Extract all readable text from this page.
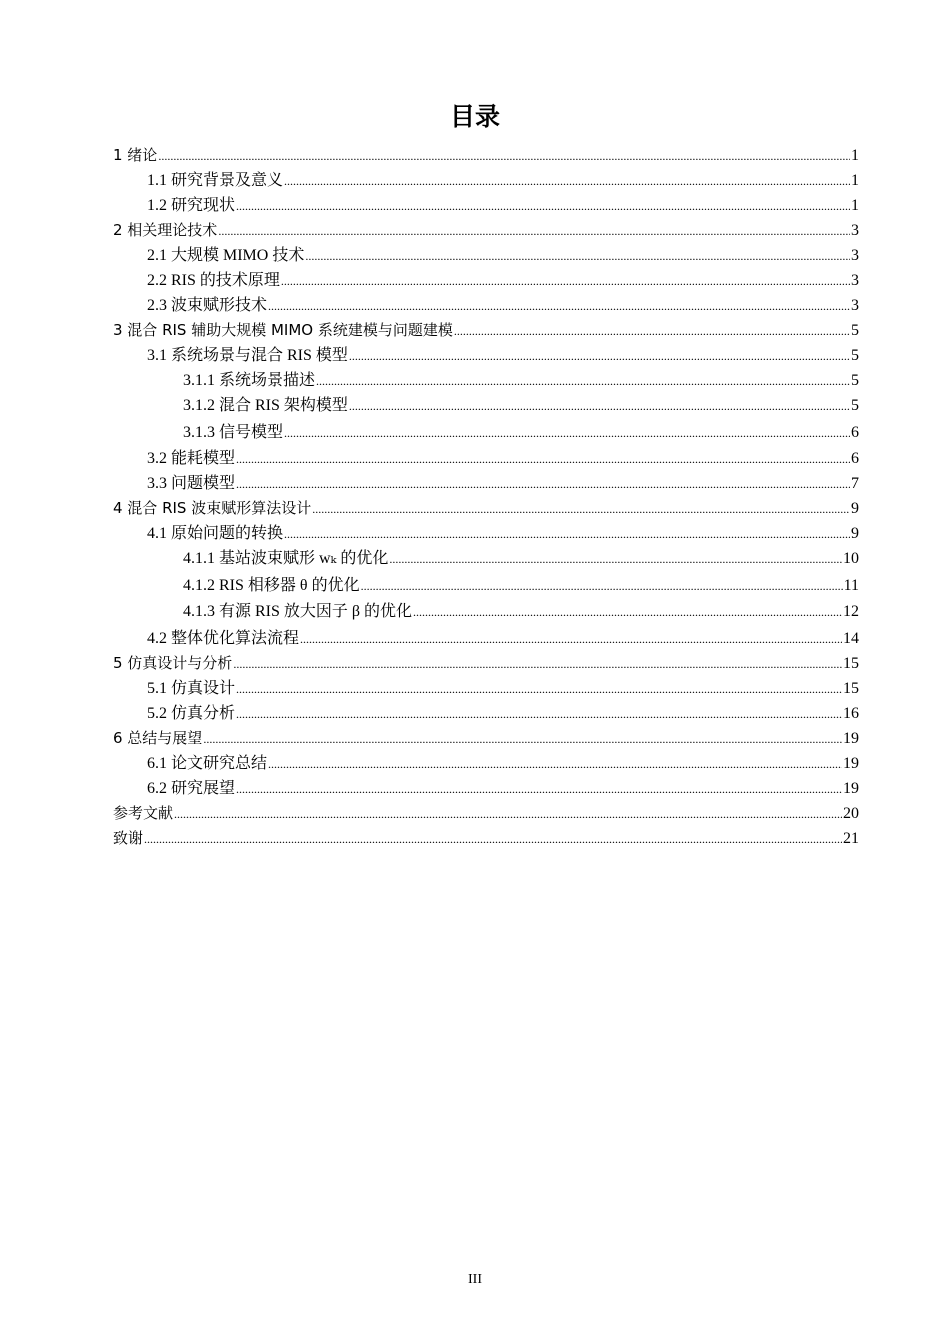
目录
1 绪论 .....	1
1.1 研究背景及意义 .....	1
1.2 研究现状 .....	1
2 相关理论技术 .....	3
2.1 大规模 MIMO 技术 .....	3
2.2 RIS 的技术原理 .....	3
2.3 波束赋形技术 .....	3
3 混合 RIS 辅助大规模 MIMO 系统建模与问题建模 .....	5
3.1 系统场景与混合 RIS 模型 .....	5
3.1.1 系统场景描述 .....	5
3.1.2 混合 RIS 架构模型 .....	5
3.1.3 信号模型 .....	6
3.2 能耗模型 .....	6
3.3 问题模型 .....	7
4 混合 RIS 波束赋形算法设计 .....	9
4.1 原始问题的转换 .....	9
4.1.1 基站波束赋形 wₖ 的优化 .....	10
4.1.2 RIS 相移器 θ 的优化 .....	11
4.1.3 有源 RIS 放大因子 β 的优化 .....	12
4.2 整体优化算法流程 .....	14
5 仿真设计与分析 .....	15
5.1 仿真设计 .....	15
5.2 仿真分析 .....	16
6 总结与展望 .....	19
6.1 论文研究总结 .....	19
6.2 研究展望 .....	19
参考文献 .....	20
致谢 .....	21
III
